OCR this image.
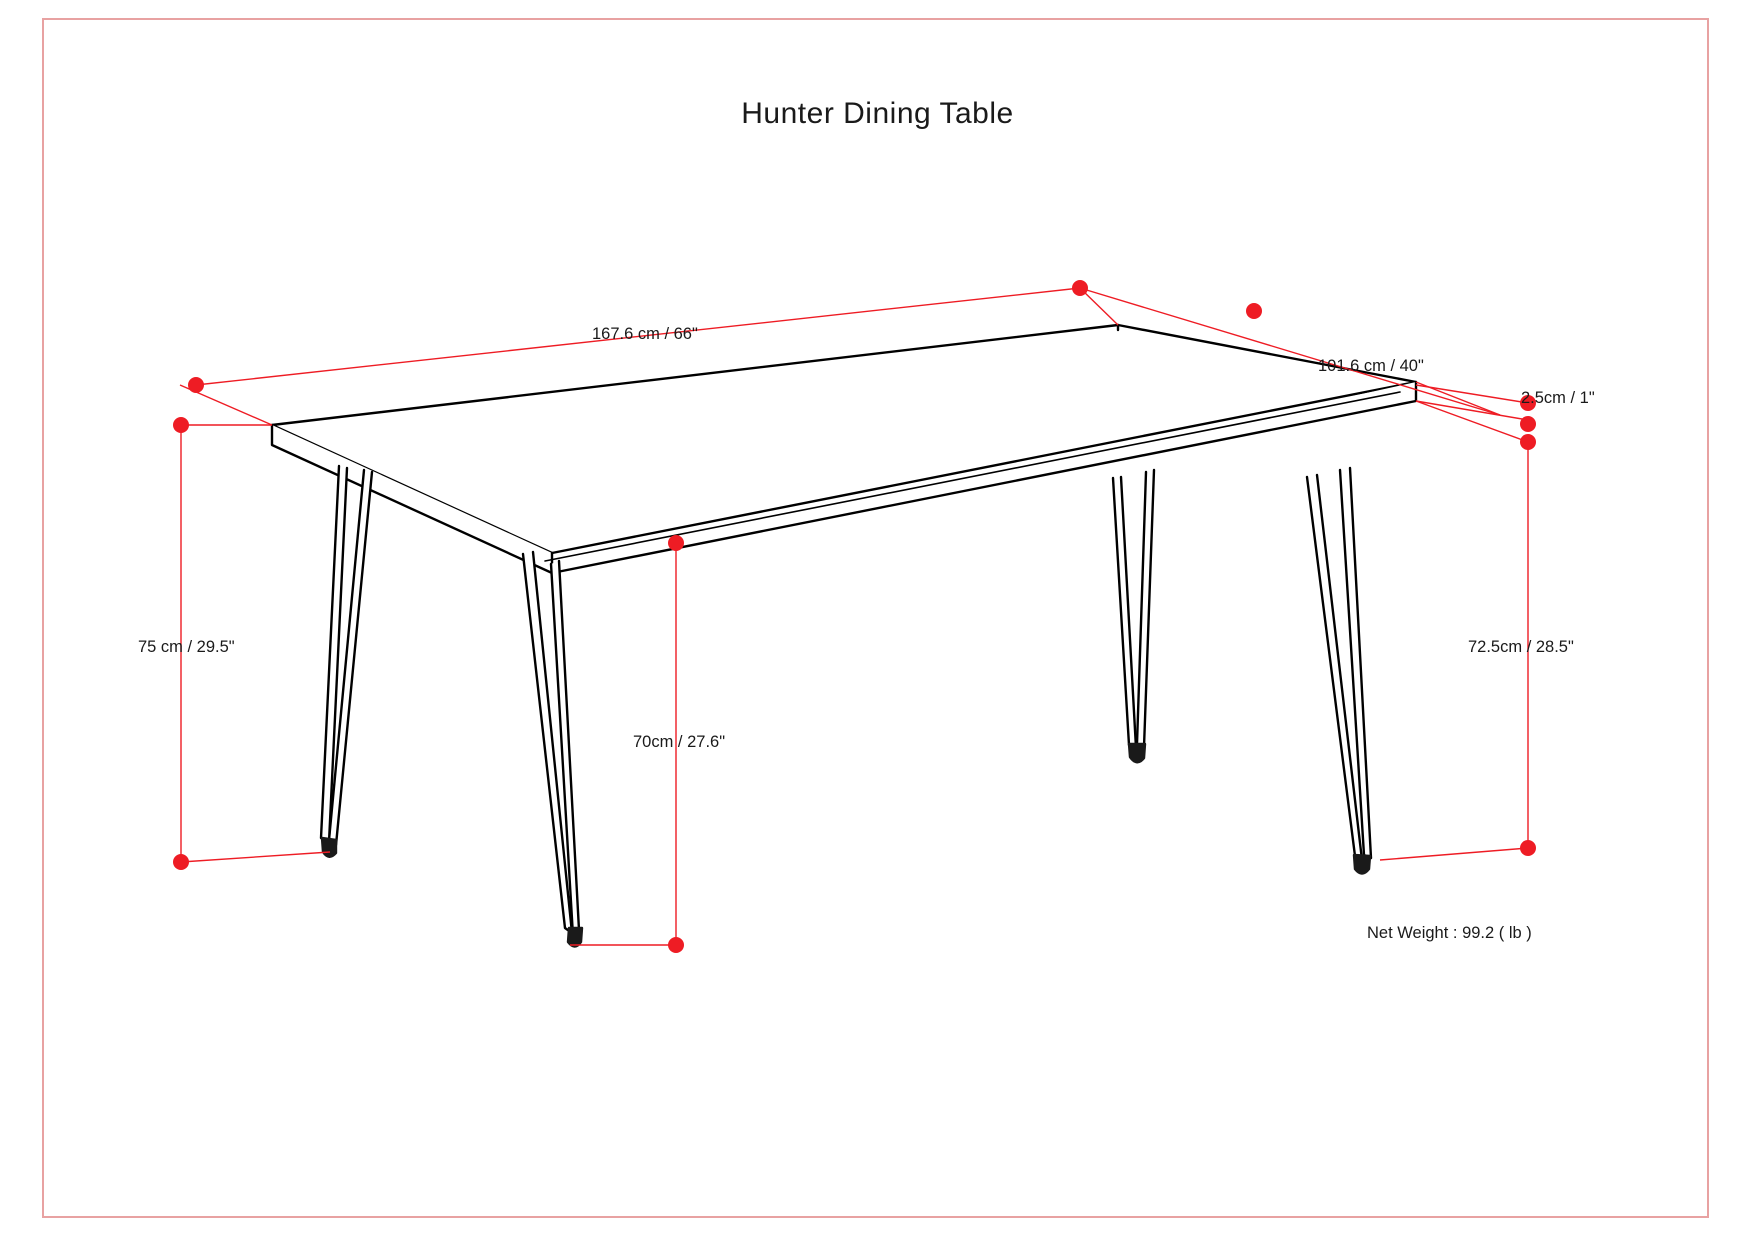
Hunter Dining Table
167.6 cm / 66"
101.6 cm / 40"
2.5cm / 1"
75 cm / 29.5"
70cm / 27.6"
72.5cm / 28.5"
Net Weight : 99.2 ( lb )
